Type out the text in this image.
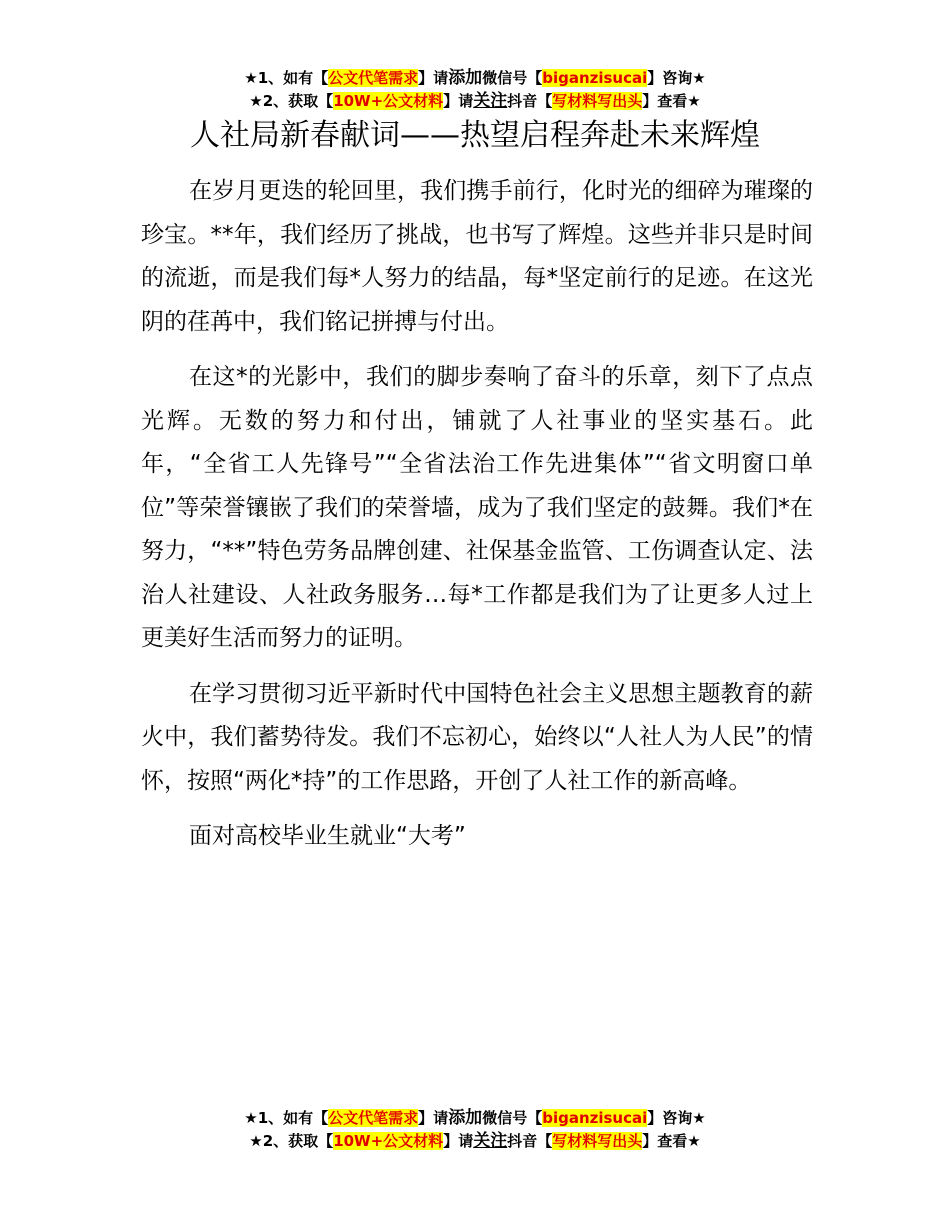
★1、如有【公文代笔需求】请添加微信号【biganzisucai】咨询★
★2、获取【10W+公文材料】请关注抖音【写材料写出头】查看★
人社局新春献词——热望启程奔赴未来辉煌

在岁月更迭的轮回里，我们携手前行，化时光的细碎为璀璨的珍宝。**年，我们经历了挑战，也书写了辉煌。这些并非只是时间的流逝，而是我们每*人努力的结晶，每*坚定前行的足迹。在这光阴的荏苒中，我们铭记拼搏与付出。

在这*的光影中，我们的脚步奏响了奋斗的乐章，刻下了点点光辉。无数的努力和付出，铺就了人社事业的坚实基石。此年，“全省工人先锋号”“全省法治工作先进集体”“省文明窗口单位”等荣誉镶嵌了我们的荣誉墙，成为了我们坚定的鼓舞。我们*在努力，“**”特色劳务品牌创建、社保基金监管、工伤调查认定、法治人社建设、人社政务服务…每*工作都是我们为了让更多人过上更美好生活而努力的证明。

在学习贯彻习近平新时代中国特色社会主义思想主题教育的薪火中，我们蓄势待发。我们不忘初心，始终以“人社人为人民”的情怀，按照“两化*持”的工作思路，开创了人社工作的新高峰。

面对高校毕业生就业“大考”

★1、如有【公文代笔需求】请添加微信号【biganzisucai】咨询★
★2、获取【10W+公文材料】请关注抖音【写材料写出头】查看★
